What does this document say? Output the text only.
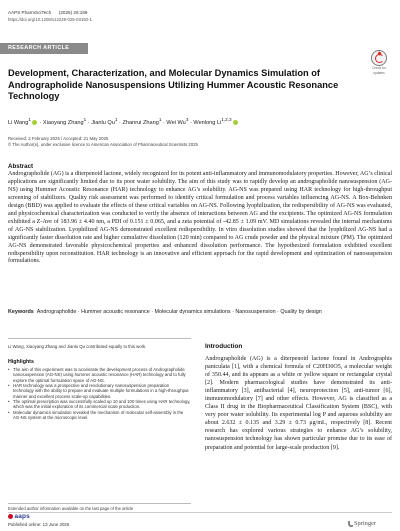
AAPS PharmSciTech (2025) 26:169
https://doi.org/10.1208/s12249-025-03160-1
RESEARCH ARTICLE
Check for
updates
Development, Characterization, and Molecular Dynamics Simulation of Andrographolide Nanosuspensions Utilizing Hummer Acoustic Resonance Technology
Li Wang$^1$ · Xiaoyang Zhang$^1$ · Jianlu $Qu^1$ · Zhanrui Zhang$^1$ · Wei $Wu^3$ · Wenlong Li$^{1,2,3}$
Received: 2 February 2025 / Accepted: 21 May 2025
© The Author(s), under exclusive licence to American Association of Pharmaceutical Scientists 2025
Abstract

Andrographolide (AG) is a diterpenoid lactone, widely recognized for its potent anti-inflammatory and immunomodulatory properties. However, AG’s clinical applications are significantly limited due to its poor water solubility. The aim of this study was to rapidly develop an andrographolide nanosuspension (AG-NS) using Hummer Acoustic Resonance (HAR) technology to enhance AG’s solubility. AG-NS was prepared using HAR technology for high-throughput screening of stabilizers. Quality risk assessment was performed to identify critical formulation and process variables influencing AG-NS. A Box-Behnken design (BBD) was applied to evaluate the effects of these critical variables on AG-NS. Following lyophilization, the redispersibility of AG-NS was evaluated, and physicochemical characterization was conducted to verify the absence of interactions between AG and the excipients. The optimized AG-NS formulation exhibited a Z-Ave of 183.96 ± 4.40 nm, a PDI of 0.151 ± 0.065, and a zeta potential of -42.85 ± 1.09 mV. MD simulations revealed the internal mechanisms of AG-NS stabilization. Lyophilized AG-NS demonstrated excellent redispersibility. In vitro dissolution studies showed that the lyophilized AG-NS had a significantly faster dissolution rate and higher cumulative dissolution (120 min) compared to AG crude powder and the physical mixture (PM). The optimized AG-NS demonstrated favorable physicochemical properties and enhanced dissolution performance. The hypothesized formulation exhibited excellent redispersibility upon reconstitution. HAR technology is an innovative and efficient approach for the rapid development and optimization of nanosuspension formulations.

Keywords Andrographolide · Hummer acoustic resonance · Molecular dynamics simulations · Nanosuspension · Quality by design
Li Wang, Xiaoyang Zhang and Jianlu Qu contributed equally to this work.
Highlights
• The aim of this experiment was to accelerate the development process of Andrographolide nanosuspension (AG-NS) using hummer acoustic resonance (HAR) technology and to fully explore the optimal formulation space of AG-NS.
• HAR technology was a prospective and revolutionary nanosuspension preparation technology with the ability to prepare and evaluate multiple formulations in a high-throughput manner and excellent process scale-up capabilities.
• The optimal prescription was successfully scaled up 10 and 100 times using HAR technology, which was the initial exploration of its commercial scale production.
• Molecular dynamics simulation revealed the mechanism of molecular self-assembly in the AG-NS system at the microscopic level.
Extended author information available on the last page of the article
aaps
Published online: 13 June 2025	Springer
Introduction

Andrographolide (AG) is a diterpenoid lactone found in Andrographis paniculata [1], with a chemical formula of C20H30O5, a molecular weight of 350.44, and its appears as a white or yellow square or rectangular crystal [2]. Modern pharmacological studies have demonstrated its anti-inflammatory [3], antibacterial [4], neuroprotection [5], anti-tumor [6], immunomodulatory [7] and other effects. However, AG is classified as a Class II drug in the Biopharmaceutical Classification System (BSC), with very poor water solubility. Its experimental log P and aqueous solubility are about 2.632 ± 0.135 and 3.29 ± 0.73 μg/mL, respectively [8]. Recent research has explored various strategies to enhance AG’s solubility, nanosuspension technology has shown particular promise due to its ease of preparation and potential for large-scale production [9].
